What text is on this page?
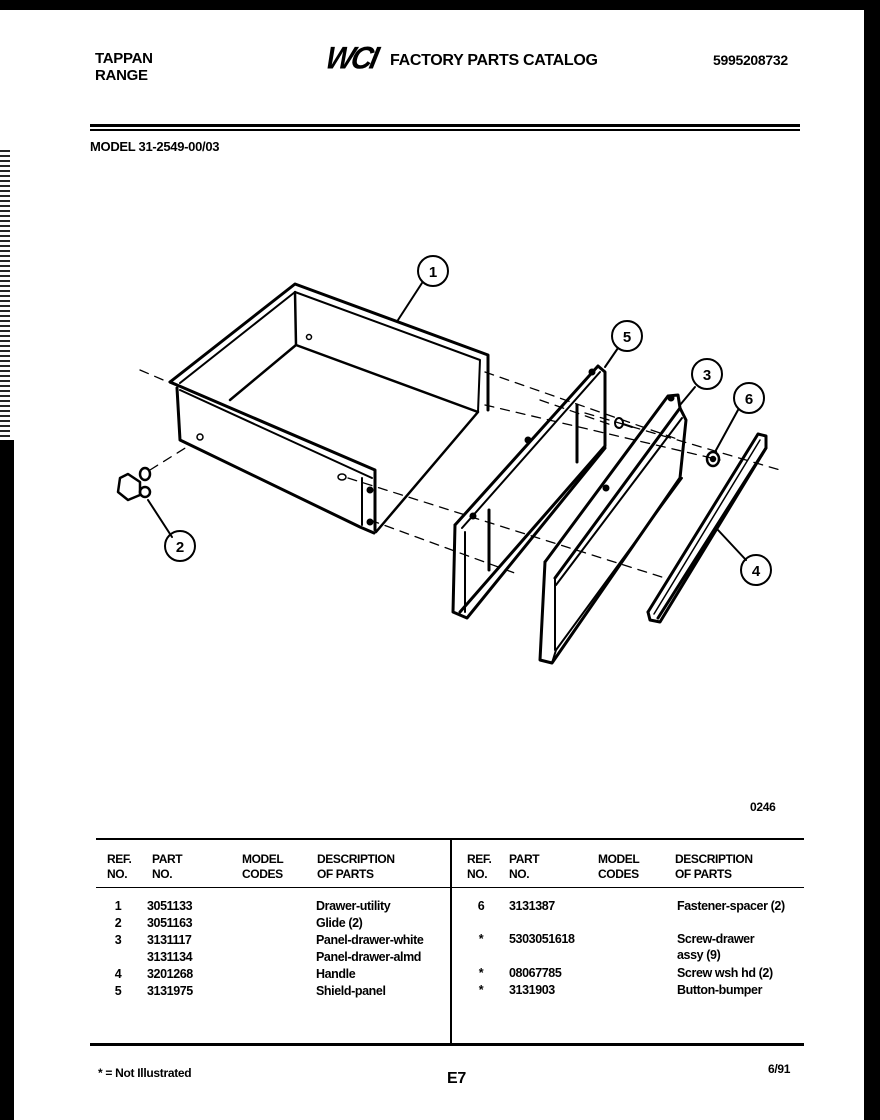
TAPPAN
RANGE	WCI FACTORY PARTS CATALOG	5995208732
MODEL 31-2549-00/03
1
2
5
3
6
4
0246
REF.
NO.
PART
NO.
MODEL
CODES
DESCRIPTION
OF PARTS
REF.
NO.
PART
NO.
MODEL
CODES
DESCRIPTION
OF PARTS
1	3051133	Drawer-utility
2	3051163	Glide (2)
3	3131117	Panel-drawer-white
3131134	Panel-drawer-almd
4	3201268	Handle
5	3131975	Shield-panel
6	3131387	Fastener-spacer (2)
*	5303051618	Screw-drawer
assy (9)
*	08067785	Screw wsh hd (2)
*	3131903	Button-bumper
* = Not Illustrated	E7
6/91
